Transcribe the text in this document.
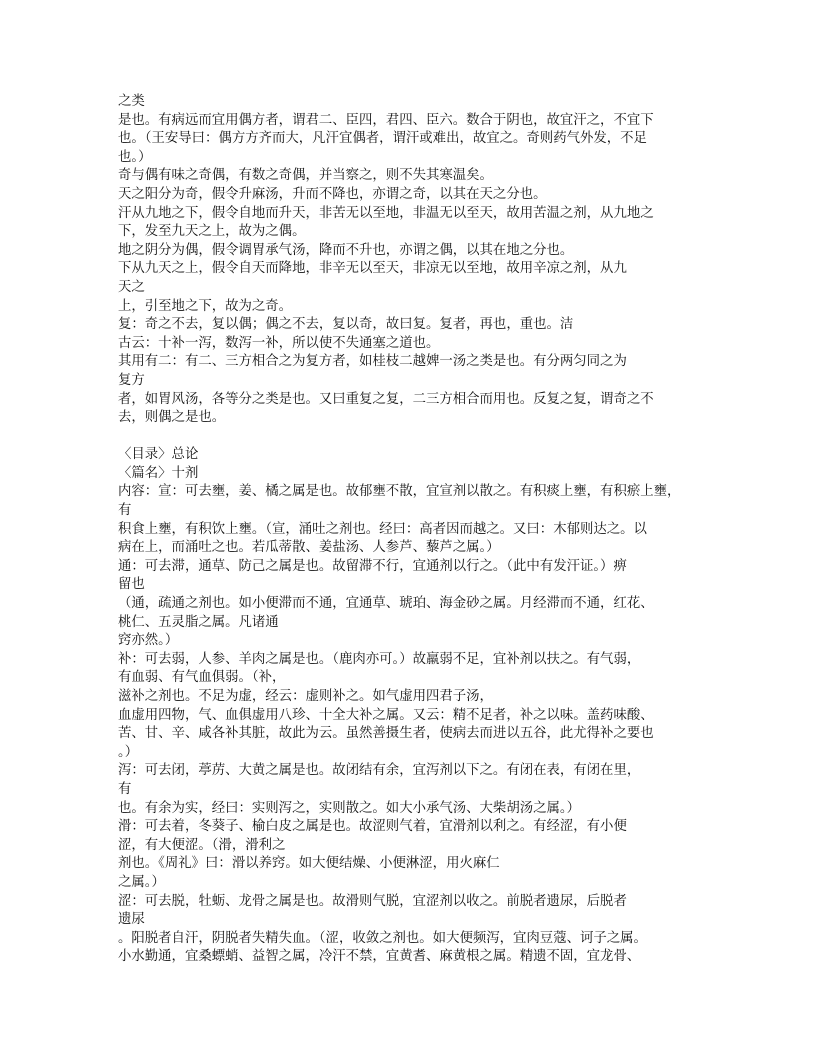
之类
是也。有病远而宜用偶方者，谓君二、臣四，君四、臣六。数合于阴也，故宜汗之，不宜下
也。（王安导曰：偶方方齐而大，凡汗宜偶者，谓汗或难出，故宜之。奇则药气外发，不足
也。）
奇与偶有味之奇偶，有数之奇偶，并当察之，则不失其寒温矣。
天之阳分为奇，假令升麻汤，升而不降也，亦谓之奇，以其在天之分也。
汗从九地之下，假令自地而升天，非苦无以至地，非温无以至天，故用苦温之剂，从九地之
下，发至九天之上，故为之偶。
地之阴分为偶，假令调胃承气汤，降而不升也，亦谓之偶，以其在地之分也。
下从九天之上，假令自天而降地，非辛无以至天，非凉无以至地，故用辛凉之剂，从九
天之
上，引至地之下，故为之奇。
复：奇之不去，复以偶；偶之不去，复以奇，故曰复。复者，再也，重也。洁
古云：十补一泻，数泻一补，所以使不失通塞之道也。
其用有二：有二、三方相合之为复方者，如桂枝二越婢一汤之类是也。有分两匀同之为
复方
者，如胃风汤，各等分之类是也。又曰重复之复，二三方相合而用也。反复之复，谓奇之不
去，则偶之是也。
〈目录〉总论
〈篇名〉十剂
内容：宣：可去壅，姜、橘之属是也。故郁壅不散，宜宣剂以散之。有积痰上壅，有积瘀上壅，
有
积食上壅，有积饮上壅。（宣，涌吐之剂也。经曰：高者因而越之。又曰：木郁则达之。以
病在上，而涌吐之也。若瓜蒂散、姜盐汤、人参芦、藜芦之属。）
通：可去滞，通草、防己之属是也。故留滞不行，宜通剂以行之。（此中有发汗证。）痹
留也
（通，疏通之剂也。如小便滞而不通，宜通草、琥珀、海金砂之属。月经滞而不通，红花、
桃仁、五灵脂之属。凡诸通
窍亦然。）
补：可去弱，人参、羊肉之属是也。（鹿肉亦可。）故羸弱不足，宜补剂以扶之。有气弱，
有血弱、有气血俱弱。（补，
滋补之剂也。不足为虚，经云：虚则补之。如气虚用四君子汤，
血虚用四物，气、血俱虚用八珍、十全大补之属。又云：精不足者，补之以味。盖药味酸、
苦、甘、辛、咸各补其脏，故此为云。虽然善摄生者，使病去而进以五谷，此尤得补之要也
。）
泻：可去闭，葶苈、大黄之属是也。故闭结有余，宜泻剂以下之。有闭在表，有闭在里，
有
也。有余为实，经曰：实则泻之，实则散之。如大小承气汤、大柴胡汤之属。）
滑：可去着，冬葵子、榆白皮之属是也。故涩则气着，宜滑剂以利之。有经涩，有小便
涩，有大便涩。（滑，滑利之
剂也。《周礼》曰：滑以养窍。如大便结燥、小便淋涩，用火麻仁
之属。）
涩：可去脱，牡蛎、龙骨之属是也。故滑则气脱，宜涩剂以收之。前脱者遗尿，后脱者
遗尿
。阳脱者自汗，阴脱者失精失血。（涩，收敛之剂也。如大便频泻，宜肉豆蔻、诃子之属。
小水勤通，宜桑螵蛸、益智之属，冷汗不禁，宜黄耆、麻黄根之属。精遗不固，宜龙骨、
